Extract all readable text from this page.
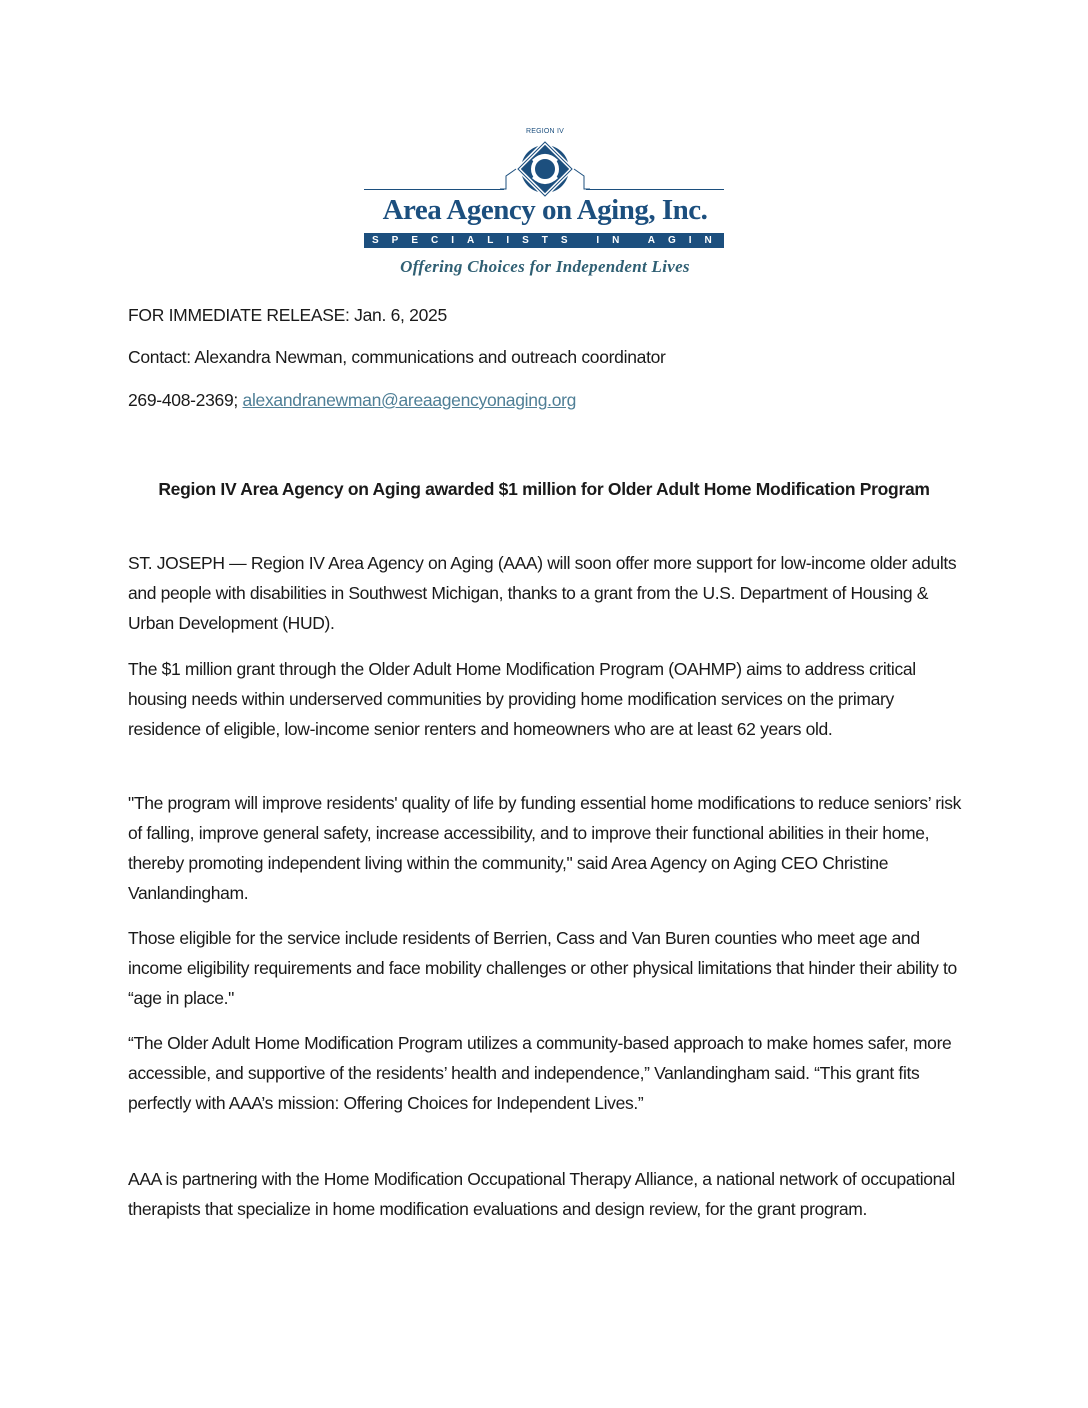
REGION IV
Area Agency on Aging, Inc.
SPECIALISTS IN AGING
Offering Choices for Independent Lives
FOR IMMEDIATE RELEASE: Jan. 6, 2025
Contact: Alexandra Newman, communications and outreach coordinator
269-408-2369; alexandranewman@areaagencyonaging.org
Region IV Area Agency on Aging awarded $1 million for Older Adult Home Modification Program
ST. JOSEPH — Region IV Area Agency on Aging (AAA) will soon offer more support for low-income older adults and people with disabilities in Southwest Michigan, thanks to a grant from the U.S. Department of Housing & Urban Development (HUD).
The $1 million grant through the Older Adult Home Modification Program (OAHMP) aims to address critical housing needs within underserved communities by providing home modification services on the primary residence of eligible, low-income senior renters and homeowners who are at least 62 years old.
"The program will improve residents' quality of life by funding essential home modifications to reduce seniors’ risk of falling, improve general safety, increase accessibility, and to improve their functional abilities in their home, thereby promoting independent living within the community," said Area Agency on Aging CEO Christine Vanlandingham.
Those eligible for the service include residents of Berrien, Cass and Van Buren counties who meet age and income eligibility requirements and face mobility challenges or other physical limitations that hinder their ability to “age in place."
“The Older Adult Home Modification Program utilizes a community-based approach to make homes safer, more accessible, and supportive of the residents’ health and independence,” Vanlandingham said. “This grant fits perfectly with AAA’s mission: Offering Choices for Independent Lives.”
AAA is partnering with the Home Modification Occupational Therapy Alliance, a national network of occupational therapists that specialize in home modification evaluations and design review, for the grant program.
